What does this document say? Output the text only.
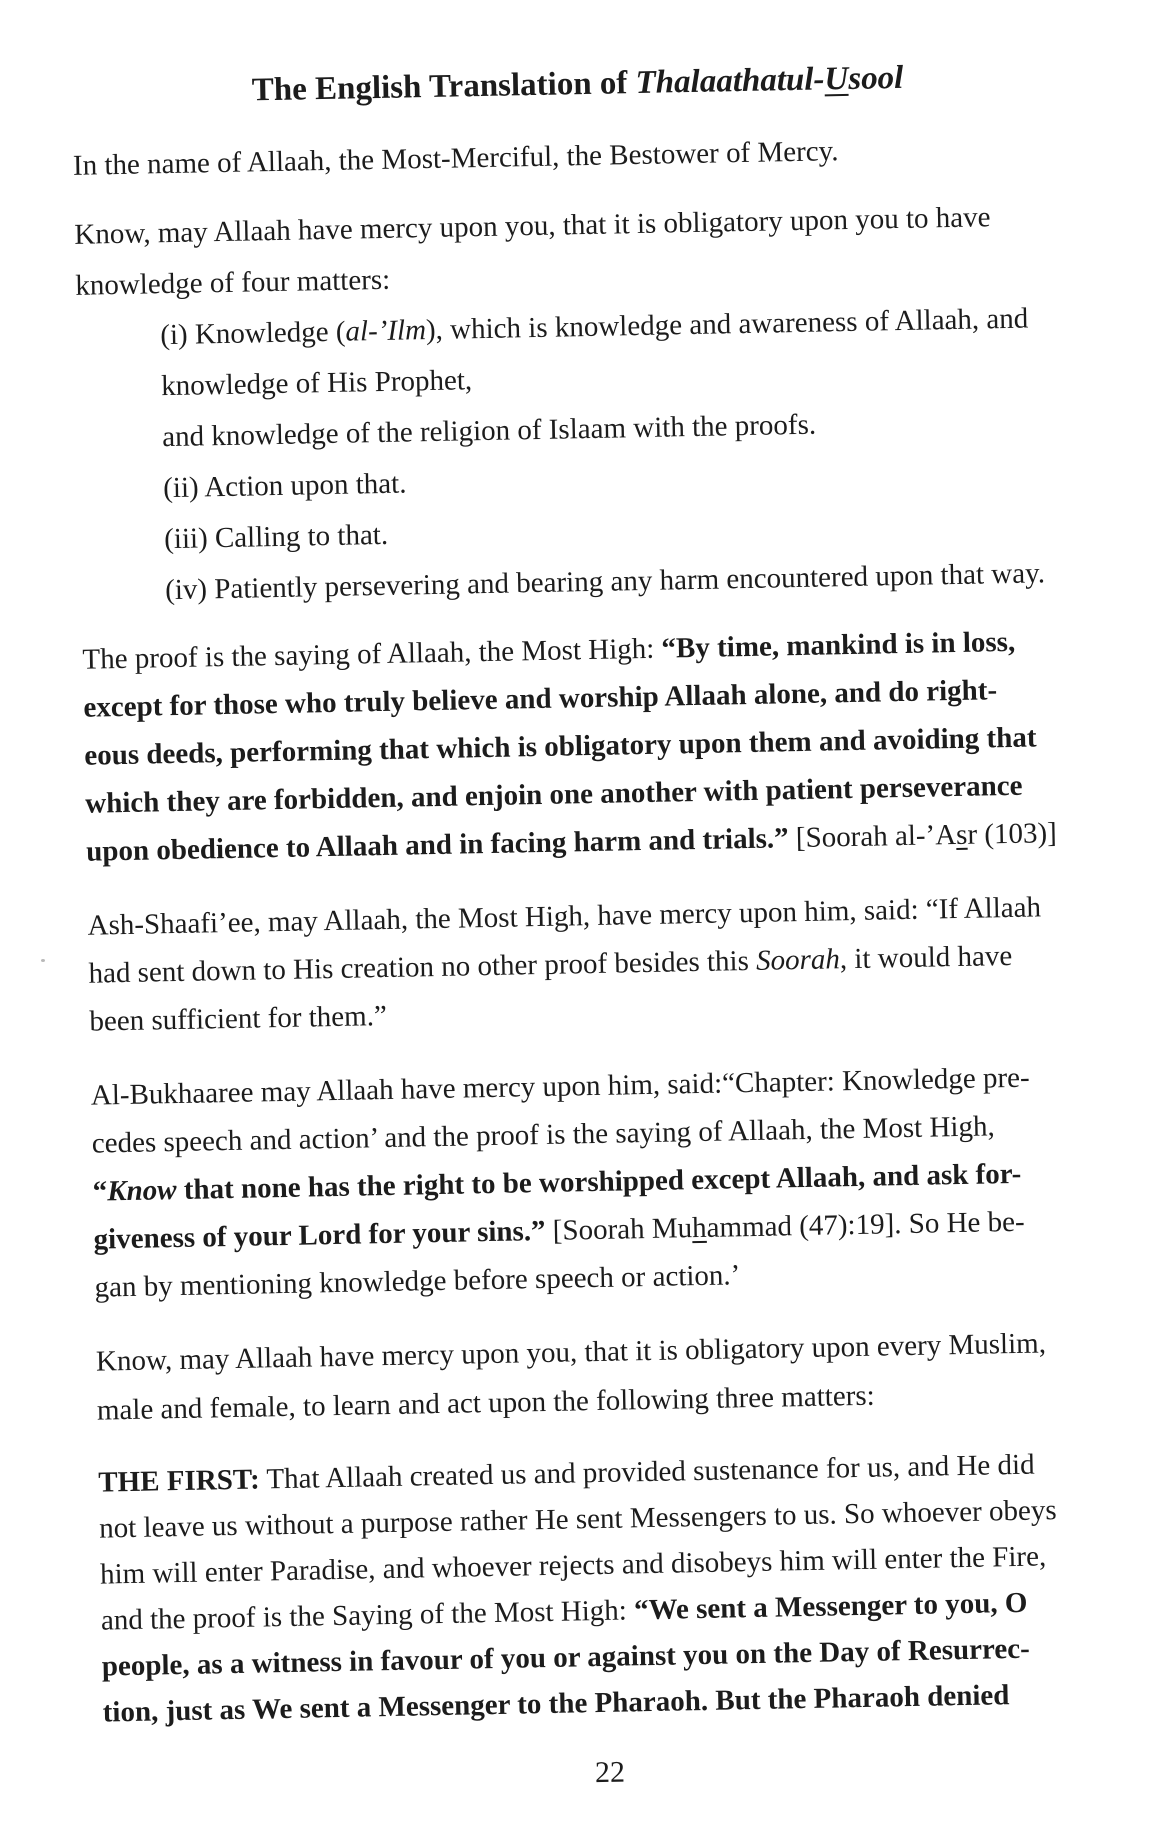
The English Translation of Thalaathatul-Usool
In the name of Allaah, the Most-Merciful, the Bestower of Mercy.
Know, may Allaah have mercy upon you, that it is obligatory upon you to have
knowledge of four matters:
(i) Knowledge (al-’Ilm), which is knowledge and awareness of Allaah, and
knowledge of His Prophet,
and knowledge of the religion of Islaam with the proofs.
(ii) Action upon that.
(iii) Calling to that.
(iv) Patiently persevering and bearing any harm encountered upon that way.
The proof is the saying of Allaah, the Most High: “By time, mankind is in loss,
except for those who truly believe and worship Allaah alone, and do right-
eous deeds, performing that which is obligatory upon them and avoiding that
which they are forbidden, and enjoin one another with patient perseverance
upon obedience to Allaah and in facing harm and trials.” [Soorah al-’Asr (103)]
Ash-Shaafi’ee, may Allaah, the Most High, have mercy upon him, said: “If Allaah
had sent down to His creation no other proof besides this Soorah, it would have
been sufficient for them.”
Al-Bukhaaree may Allaah have mercy upon him, said:“Chapter: Knowledge pre-
cedes speech and action’ and the proof is the saying of Allaah, the Most High,
“Know that none has the right to be worshipped except Allaah, and ask for-
giveness of your Lord for your sins.” [Soorah Muhammad (47):19]. So He be-
gan by mentioning knowledge before speech or action.’
Know, may Allaah have mercy upon you, that it is obligatory upon every Muslim,
male and female, to learn and act upon the following three matters:
THE FIRST: That Allaah created us and provided sustenance for us, and He did
not leave us without a purpose rather He sent Messengers to us. So whoever obeys
him will enter Paradise, and whoever rejects and disobeys him will enter the Fire,
and the proof is the Saying of the Most High: “We sent a Messenger to you, O
people, as a witness in favour of you or against you on the Day of Resurrec-
tion, just as We sent a Messenger to the Pharaoh. But the Pharaoh denied
22
